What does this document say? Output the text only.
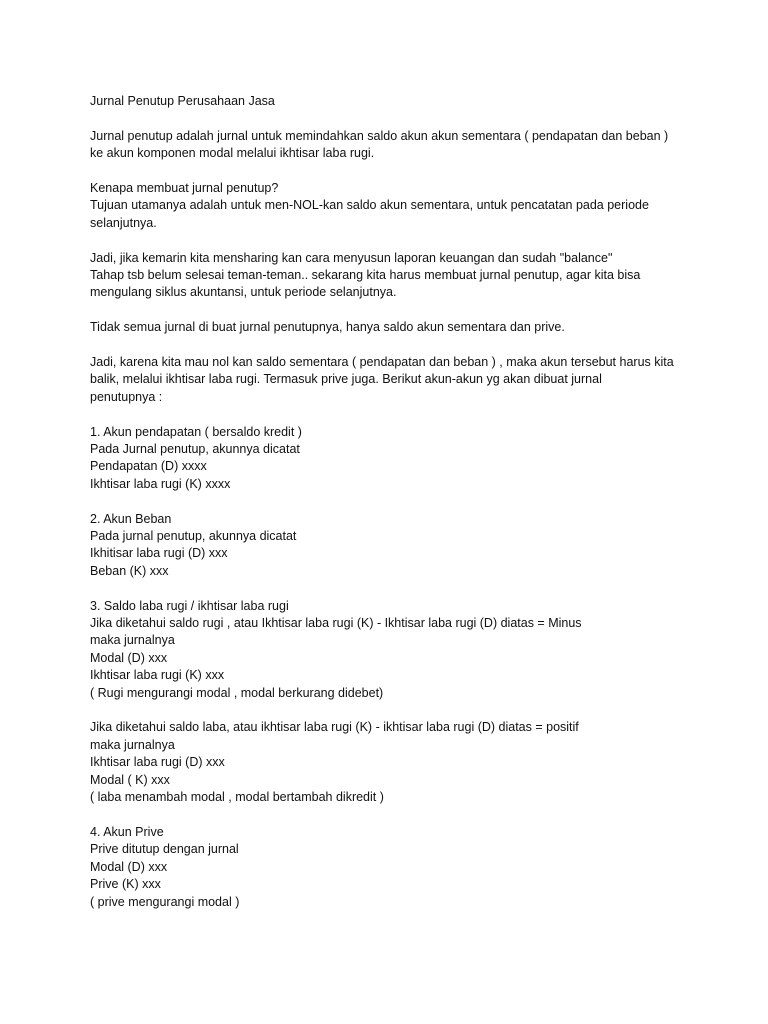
Jurnal Penutup Perusahaan Jasa
Jurnal penutup adalah jurnal untuk memindahkan saldo akun akun sementara ( pendapatan dan beban )
ke akun komponen modal melalui ikhtisar laba rugi.
Kenapa membuat jurnal penutup?
Tujuan utamanya adalah untuk men-NOL-kan saldo akun sementara, untuk pencatatan pada periode
selanjutnya.
Jadi, jika kemarin kita mensharing kan cara menyusun laporan keuangan dan sudah "balance"
Tahap tsb belum selesai teman-teman.. sekarang kita harus membuat jurnal penutup, agar kita bisa
mengulang siklus akuntansi, untuk periode selanjutnya.
Tidak semua jurnal di buat jurnal penutupnya, hanya saldo akun sementara dan prive.
Jadi, karena kita mau nol kan saldo sementara ( pendapatan dan beban ) , maka akun tersebut harus kita
balik, melalui ikhtisar laba rugi. Termasuk prive juga. Berikut akun-akun yg akan dibuat jurnal
penutupnya :
1. Akun pendapatan ( bersaldo kredit )
Pada Jurnal penutup, akunnya dicatat
Pendapatan (D) xxxx
Ikhtisar laba rugi (K) xxxx
2. Akun Beban
Pada jurnal penutup, akunnya dicatat
Ikhitisar laba rugi (D) xxx
Beban (K) xxx
3. Saldo laba rugi / ikhtisar laba rugi
Jika diketahui saldo rugi , atau Ikhtisar laba rugi (K) - Ikhtisar laba rugi (D) diatas = Minus
maka jurnalnya
Modal (D) xxx
Ikhtisar laba rugi (K) xxx
( Rugi mengurangi modal , modal berkurang didebet)
Jika diketahui saldo laba, atau ikhtisar laba rugi (K) - ikhtisar laba rugi (D) diatas = positif
maka jurnalnya
Ikhtisar laba rugi (D) xxx
Modal ( K) xxx
( laba menambah modal , modal bertambah dikredit )
4. Akun Prive
Prive ditutup dengan jurnal
Modal (D) xxx
Prive (K) xxx
( prive mengurangi modal )
